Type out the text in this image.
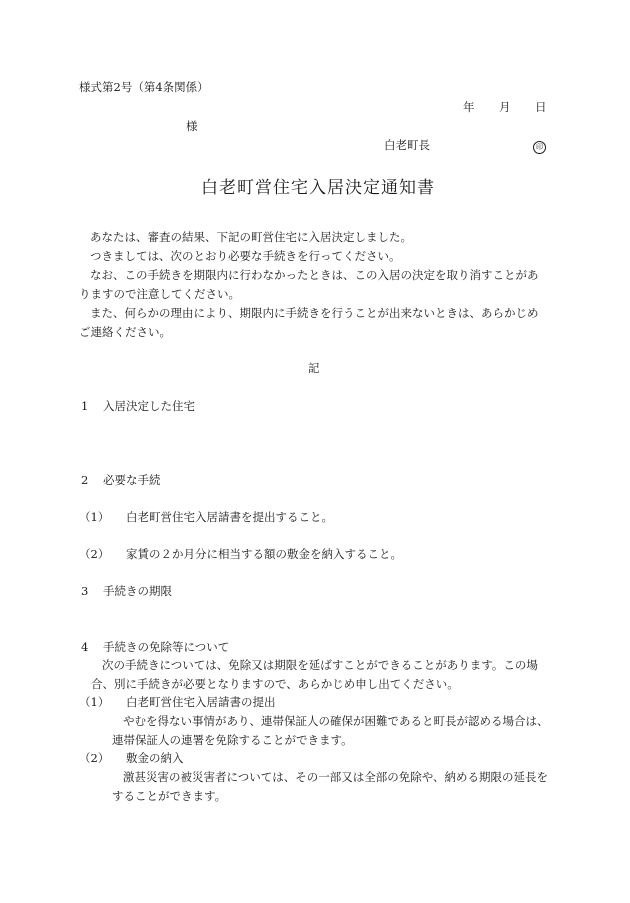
様式第2号（第4条関係）
年 月 日
様
白老町長	印
白老町営住宅入居決定通知書

あなたは、審査の結果、下記の町営住宅に入居決定しました。

つきましては、次のとおり必要な手続きを行ってください。

なお、この手続きを期限内に行わなかったときは、この入居の決定を取り消すことがありますので注意してください。

また、何らかの理由により、期限内に手続きを行うことが出来ないときは、あらかじめご連絡ください。

記
1 入居決定した住宅
2 必要な手続
（1） 白老町営住宅入居請書を提出すること。
（2） 家賃の２か月分に相当する額の敷金を納入すること。
3 手続きの期限
4 手続きの免除等について
次の手続きについては、免除又は期限を延ばすことができることがあります。この場合、別に手続きが必要となりますので、あらかじめ申し出てください。
（1） 白老町営住宅入居請書の提出
やむを得ない事情があり、連帯保証人の確保が困難であると町長が認める場合は、連帯保証人の連署を免除することができます。
（2） 敷金の納入
激甚災害の被災害者については、その一部又は全部の免除や、納める期限の延長をすることができます。
